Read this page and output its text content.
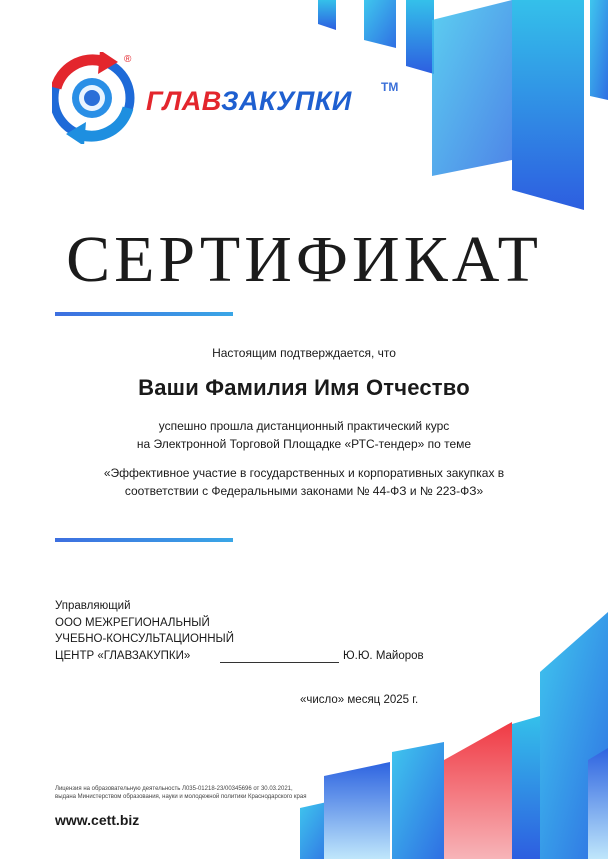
®
ГЛАВЗАКУПКИ TM
СЕРТИФИКАТ
Настоящим подтверждается, что
Ваши Фамилия Имя Отчество
успешно прошла дистанционный практический курс
на Электронной Торговой Площадке «РТС-тендер» по теме
«Эффективное участие в государственных и корпоративных закупках в
соответствии с Федеральными законами № 44-ФЗ и № 223-ФЗ»
Управляющий
ООО МЕЖРЕГИОНАЛЬНЫЙ
УЧЕБНО-КОНСУЛЬТАЦИОННЫЙ
ЦЕНТР «ГЛАВЗАКУПКИ»	Ю.Ю. Майоров
«число» месяц 2025 г.
Лицензия на образовательную деятельность Л035-01218-23/00345696 от 30.03.2021,
выдана Министерством образования, науки и молодежной политики Краснодарского края
www.cett.biz
